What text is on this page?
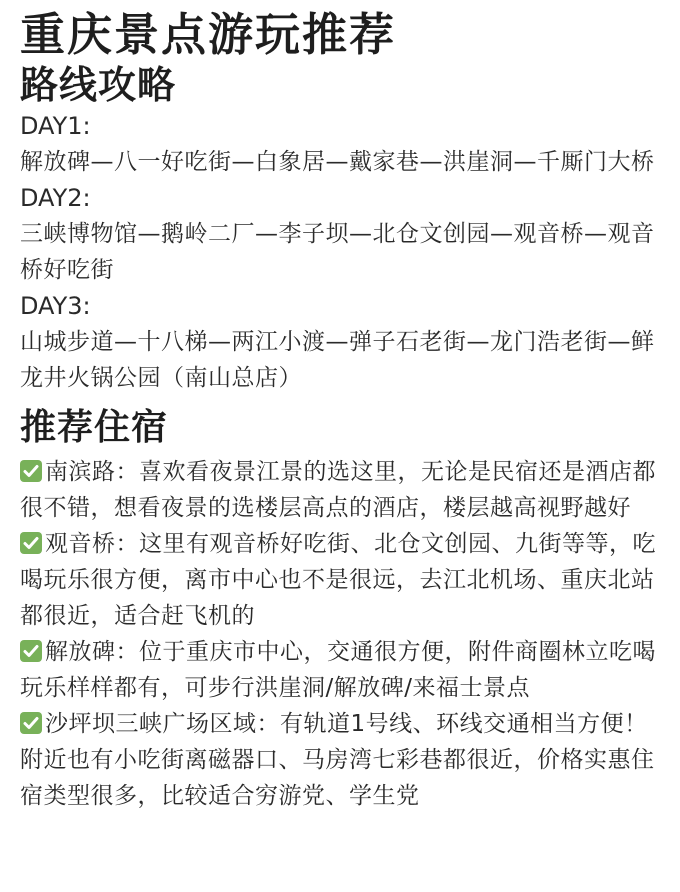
重庆景点游玩推荐
路线攻略
DAY1:
解放碑—八一好吃街—白象居—戴家巷—洪崖洞—千厮门大桥
DAY2:
三峡博物馆—鹅岭二厂—李子坝—北仓文创园—观音桥—观音桥好吃街
DAY3:
山城步道—十八梯—两江小渡—弹子石老街—龙门浩老街—鲜龙井火锅公园（南山总店）
推荐住宿
南滨路：喜欢看夜景江景的选这里，无论是民宿还是酒店都很不错，想看夜景的选楼层高点的酒店，楼层越高视野越好
观音桥：这里有观音桥好吃街、北仓文创园、九街等等，吃喝玩乐很方便，离市中心也不是很远，去江北机场、重庆北站都很近，适合赶飞机的
解放碑：位于重庆市中心，交通很方便，附件商圈林立吃喝玩乐样样都有，可步行洪崖洞/解放碑/来福士景点
沙坪坝三峡广场区域：有轨道1号线、环线交通相当方便！附近也有小吃街离磁器口、马房湾七彩巷都很近，价格实惠住宿类型很多，比较适合穷游党、学生党
